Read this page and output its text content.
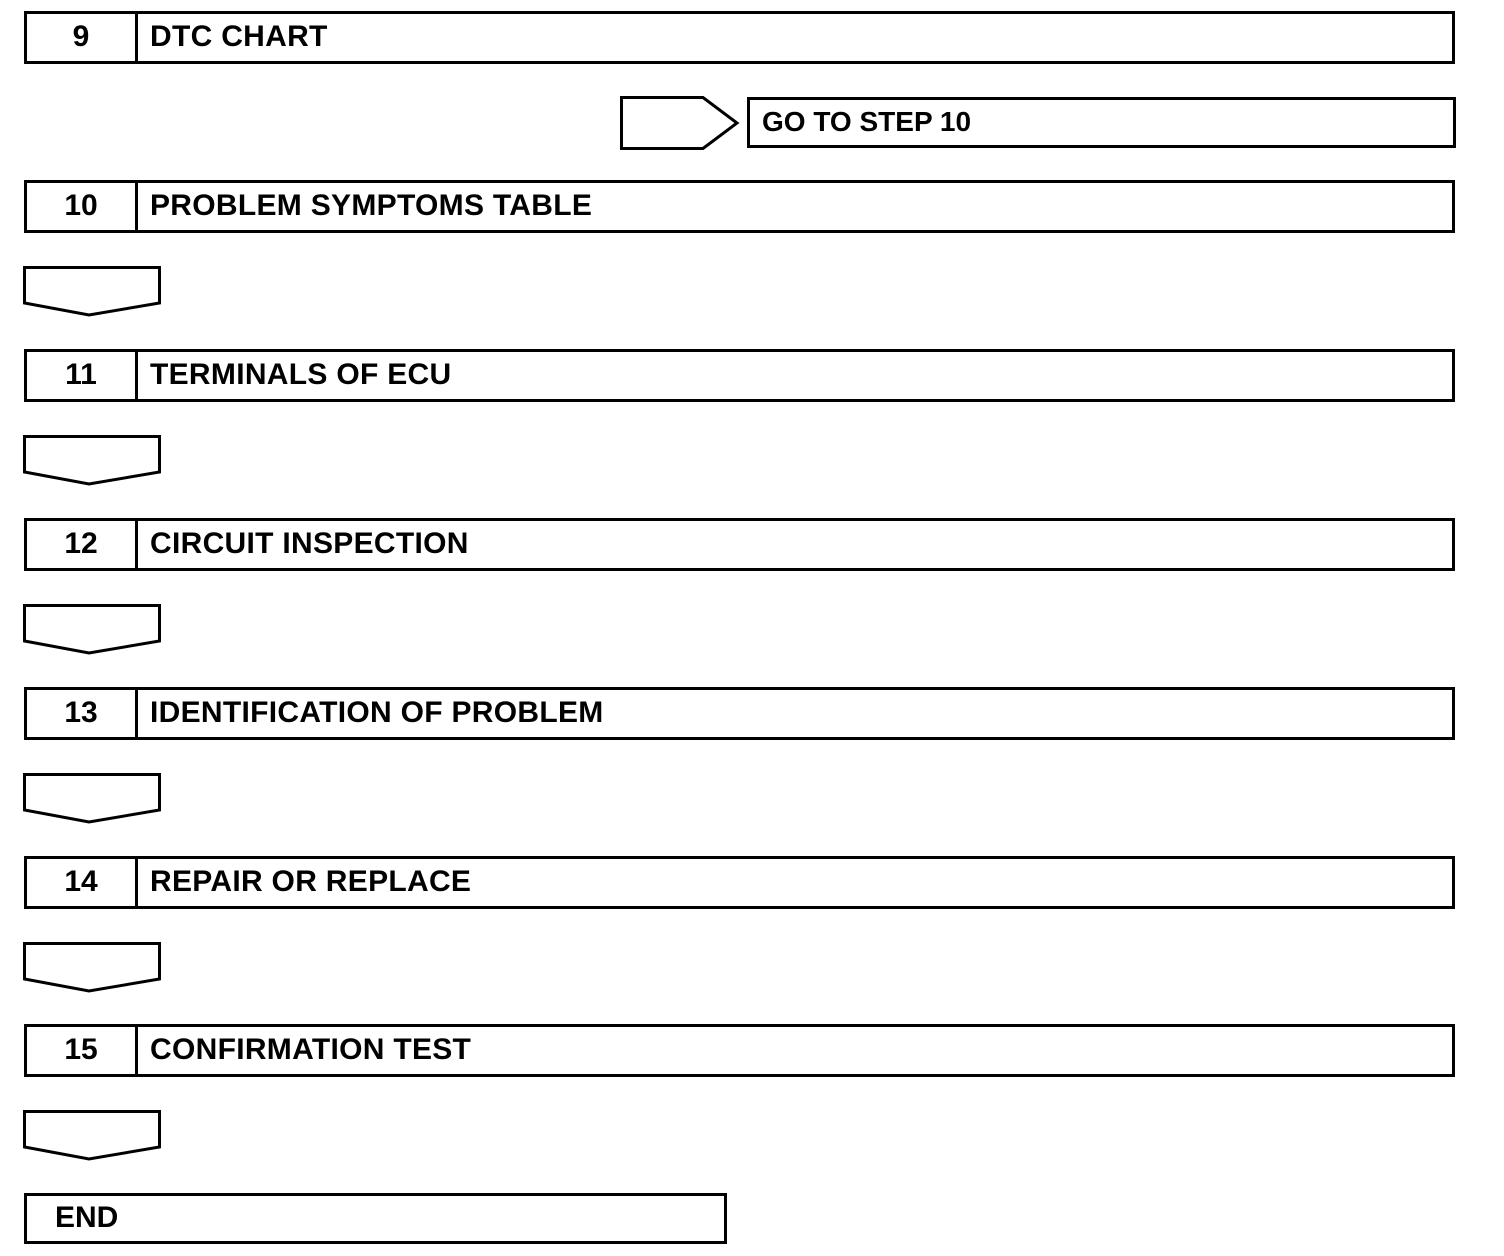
9	DTC CHART
GO TO STEP 10
10	PROBLEM SYMPTOMS TABLE
11	TERMINALS OF ECU
12	CIRCUIT INSPECTION
13	IDENTIFICATION OF PROBLEM
14	REPAIR OR REPLACE
15	CONFIRMATION TEST
END
